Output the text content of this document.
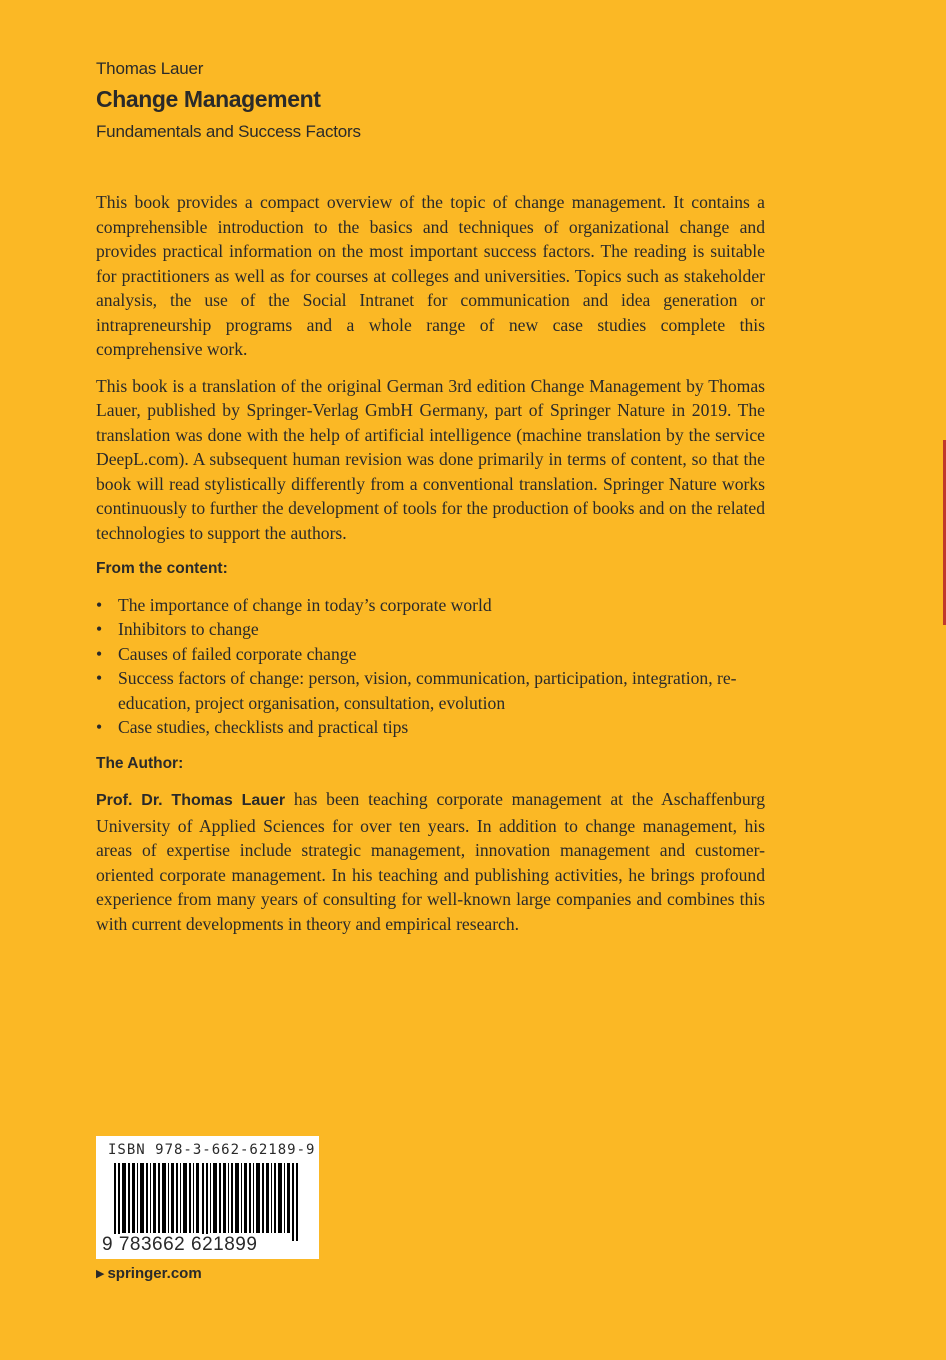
Thomas Lauer
Change Management
Fundamentals and Success Factors

This book provides a compact overview of the topic of change management. It contains a comprehensible introduction to the basics and techniques of organizational change and provides practical information on the most important success factors. The reading is suitable for practitioners as well as for courses at colleges and universities. Topics such as stakeholder analysis, the use of the Social Intranet for communication and idea generation or intrapreneurship programs and a whole range of new case studies complete this comprehensive work.

This book is a translation of the original German 3rd edition Change Management by Thomas Lauer, published by Springer-Verlag GmbH Germany, part of Springer Nature in 2019. The translation was done with the help of artificial intelligence (machine translation by the service DeepL.com). A subsequent human revision was done primarily in terms of content, so that the book will read stylistically differently from a conventional translation. Springer Nature works continuously to further the development of tools for the production of books and on the related technologies to support the authors.

From the content:
• The importance of change in today’s corporate world
• Inhibitors to change
• Causes of failed corporate change
• Success factors of change: person, vision, communication, participation, integration, re-education, project organisation, consultation, evolution
• Case studies, checklists and practical tips
The Author:

Prof. Dr. Thomas Lauer has been teaching corporate management at the Aschaffenburg University of Applied Sciences for over ten years. In addition to change management, his areas of expertise include strategic management, innovation management and customer-oriented corporate management. In his teaching and publishing activities, he brings profound experience from many years of consulting for well-known large companies and combines this with current developments in theory and empirical research.

ISBN 978-3-662-62189-9
9 783662 621899
▶ springer.com
